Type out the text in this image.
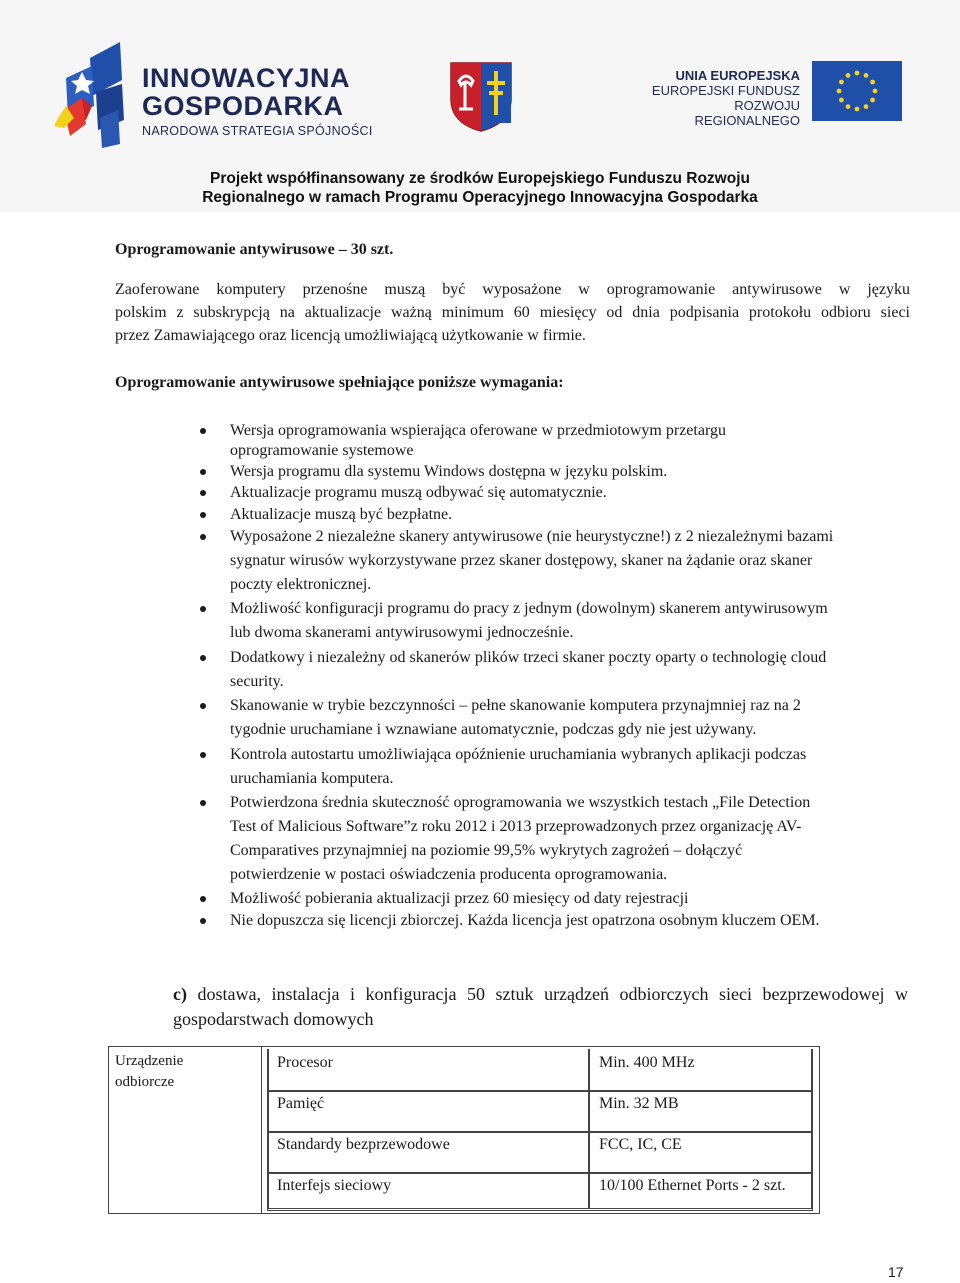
INNOWACYJNA
GOSPODARKA
NARODOWA STRATEGIA SPÓJNOŚCI
UNIA EUROPEJSKA
EUROPEJSKI FUNDUSZ
ROZWOJU REGIONALNEGO
Projekt współfinansowany ze środków Europejskiego Funduszu Rozwoju
Regionalnego w ramach Programu Operacyjnego Innowacyjna Gospodarka
Oprogramowanie antywirusowe – 30 szt.
Zaoferowane komputery przenośne muszą być wyposażone w oprogramowanie antywirusowe w języku
polskim z subskrypcją na aktualizacje ważną minimum 60 miesięcy od dnia podpisania protokołu odbioru sieci
przez Zamawiającego oraz licencją umożliwiającą użytkowanie w firmie.
Oprogramowanie antywirusowe spełniające poniższe wymagania:
Wersja oprogramowania wspierająca oferowane w przedmiotowym przetargu
oprogramowanie systemowe
Wersja programu dla systemu Windows dostępna w języku polskim.
Aktualizacje programu muszą odbywać się automatycznie.
Aktualizacje muszą być bezpłatne.
Wyposażone 2 niezależne skanery antywirusowe (nie heurystyczne!) z 2 niezależnymi bazami
sygnatur wirusów wykorzystywane przez skaner dostępowy, skaner na żądanie oraz skaner
poczty elektronicznej.
Możliwość konfiguracji programu do pracy z jednym (dowolnym) skanerem antywirusowym
lub dwoma skanerami antywirusowymi jednocześnie.
Dodatkowy i niezależny od skanerów plików trzeci skaner poczty oparty o technologię cloud
security.
Skanowanie w trybie bezczynności – pełne skanowanie komputera przynajmniej raz na 2
tygodnie uruchamiane i wznawiane automatycznie, podczas gdy nie jest używany.
Kontrola autostartu umożliwiająca opóźnienie uruchamiania wybranych aplikacji podczas
uruchamiania komputera.
Potwierdzona średnia skuteczność oprogramowania we wszystkich testach „File Detection
Test of Malicious Software”z roku 2012 i 2013 przeprowadzonych przez organizację AV-
Comparatives przynajmniej na poziomie 99,5% wykrytych zagrożeń – dołączyć
potwierdzenie w postaci oświadczenia producenta oprogramowania.
Możliwość pobierania aktualizacji przez 60 miesięcy od daty rejestracji
Nie dopuszcza się licencji zbiorczej. Każda licencja jest opatrzona osobnym kluczem OEM.
c) dostawa, instalacja i konfiguracja 50 sztuk urządzeń odbiorczych sieci bezprzewodowej w
gospodarstwach domowych
Urządzenie
odbiorcze
Procesor	Min. 400 MHz
Pamięć	Min. 32 MB
Standardy bezprzewodowe	FCC, IC, CE
Interfejs sieciowy	10/100 Ethernet Ports - 2 szt.
17
